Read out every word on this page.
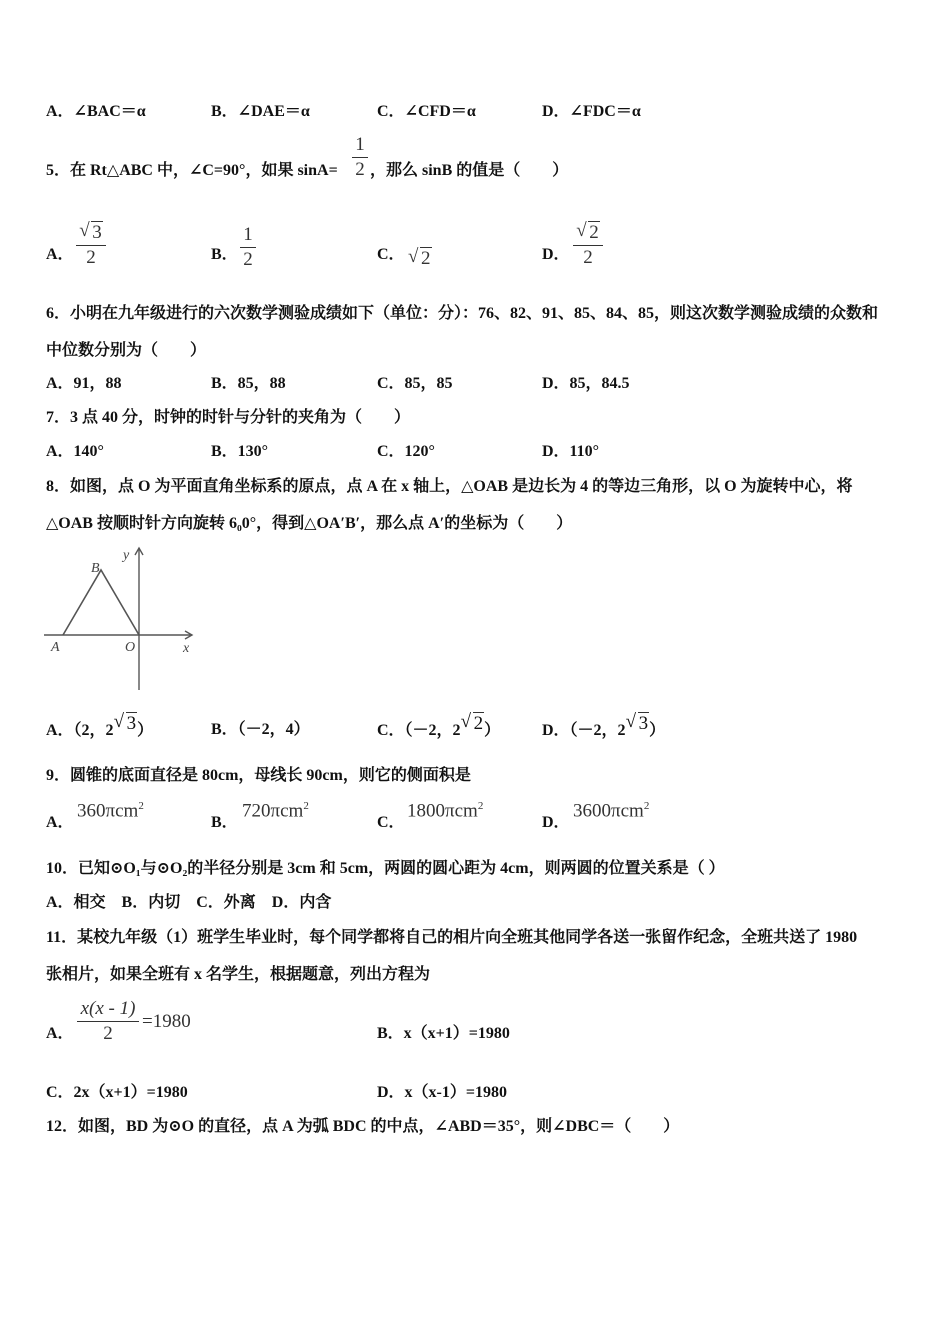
A．∠BAC＝α	B．∠DAE＝α	C．∠CFD＝α	D．∠FDC＝α
5．在 Rt△ABC 中，∠C=90°，如果 sinA=
1
2 ，那么 sinB 的值是（　　）
A．
√ 3
2	B．
1
2	C． √ 2	D．
√ 2
2
6．小明在九年级进行的六次数学测验成绩如下（单位：分）：76、82、91、85、84、85，则这次数学测验成绩的众数和
中位数分别为（　　）
A．91，88	B．85，88	C．85，85	D．85，84.5
7．3 点 40 分，时钟的时针与分针的夹角为（　　）
A．140°	B．130°	C．120°	D．110°
8．如图，点 O 为平面直角坐标系的原点，点 A 在 x 轴上，△OAB 是边长为 4 的等边三角形，以 O 为旋转中心，将
△OAB 按顺时针方向旋转 6₀0°，得到△OA′B′，那么点 A′的坐标为（　　）
B
y
A	O	x
A．（2，2 √ 3）	B．（－2，4）	C．（－2，2 √ 2）	D．（－2，2 √ 3）
9．圆锥的底面直径是 80cm，母线长 90cm，则它的侧面积是
A．
360πcm$^2$
B．
720πcm$^2$
C．
1800πcm$^2$
D．
3600πcm$^2$
10．已知⊙O₁与⊙O₂的半径分别是 3cm 和 5cm，两圆的圆心距为 4cm，则两圆的位置关系是（ ）
A．相交　B．内切　C．外离　D．内含
11．某校九年级（1）班学生毕业时，每个同学都将自己的相片向全班其他同学各送一张留作纪念，全班共送了 1980
张相片，如果全班有 x 名学生，根据题意，列出方程为
A．
x(x - 1)
2
=1980
B．x（x+1）=1980
C．2x（x+1）=1980	D．x（x-1）=1980
12．如图，BD 为⊙O 的直径，点 A 为弧 BDC 的中点，∠ABD＝35°，则∠DBC＝（　　）
